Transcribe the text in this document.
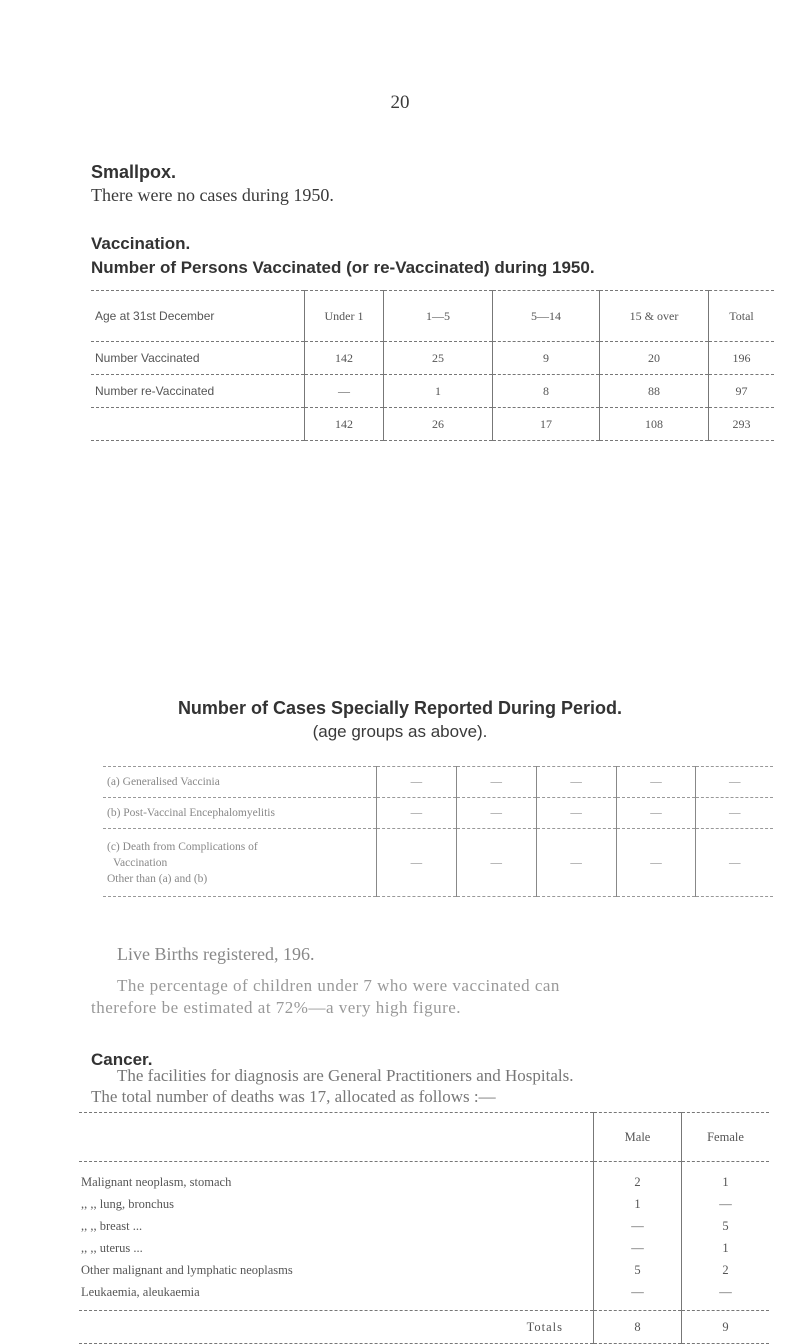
20
Smallpox.
There were no cases during 1950.
Vaccination.
Number of Persons Vaccinated (or re-Vaccinated) during 1950.
Age at 31st December	Under 1	1—5	5—14	15 & over	Total
Number Vaccinated	142	25	9	20	196
Number re-Vaccinated	—	1	8	88	97
	142	26	17	108	293
Number of Cases Specially Reported During Period.
(age groups as above).
(a) Generalised Vaccinia	—	—	—	—	—
(b) Post-Vaccinal Encephalomyelitis	—	—	—	—	—

(c) Death from Complications of
Vaccination
Other than (a) and (b)	—	—	—	—	—
Live Births registered, 196.
The percentage of children under 7 who were vaccinated can
therefore be estimated at 72%—a very high figure.
Cancer.
The facilities for diagnosis are General Practitioners and Hospitals.
The total number of deaths was 17, allocated as follows :—
	Male	Female
Malignant neoplasm, stomach	2	1
,, ,, lung, bronchus	1	—
,, ,, breast ...	—	5
,, ,, uterus ...	—	1
Other malignant and lymphatic neoplasms	5	2
Leukaemia, aleukaemia	—	—
Totals	8	9
